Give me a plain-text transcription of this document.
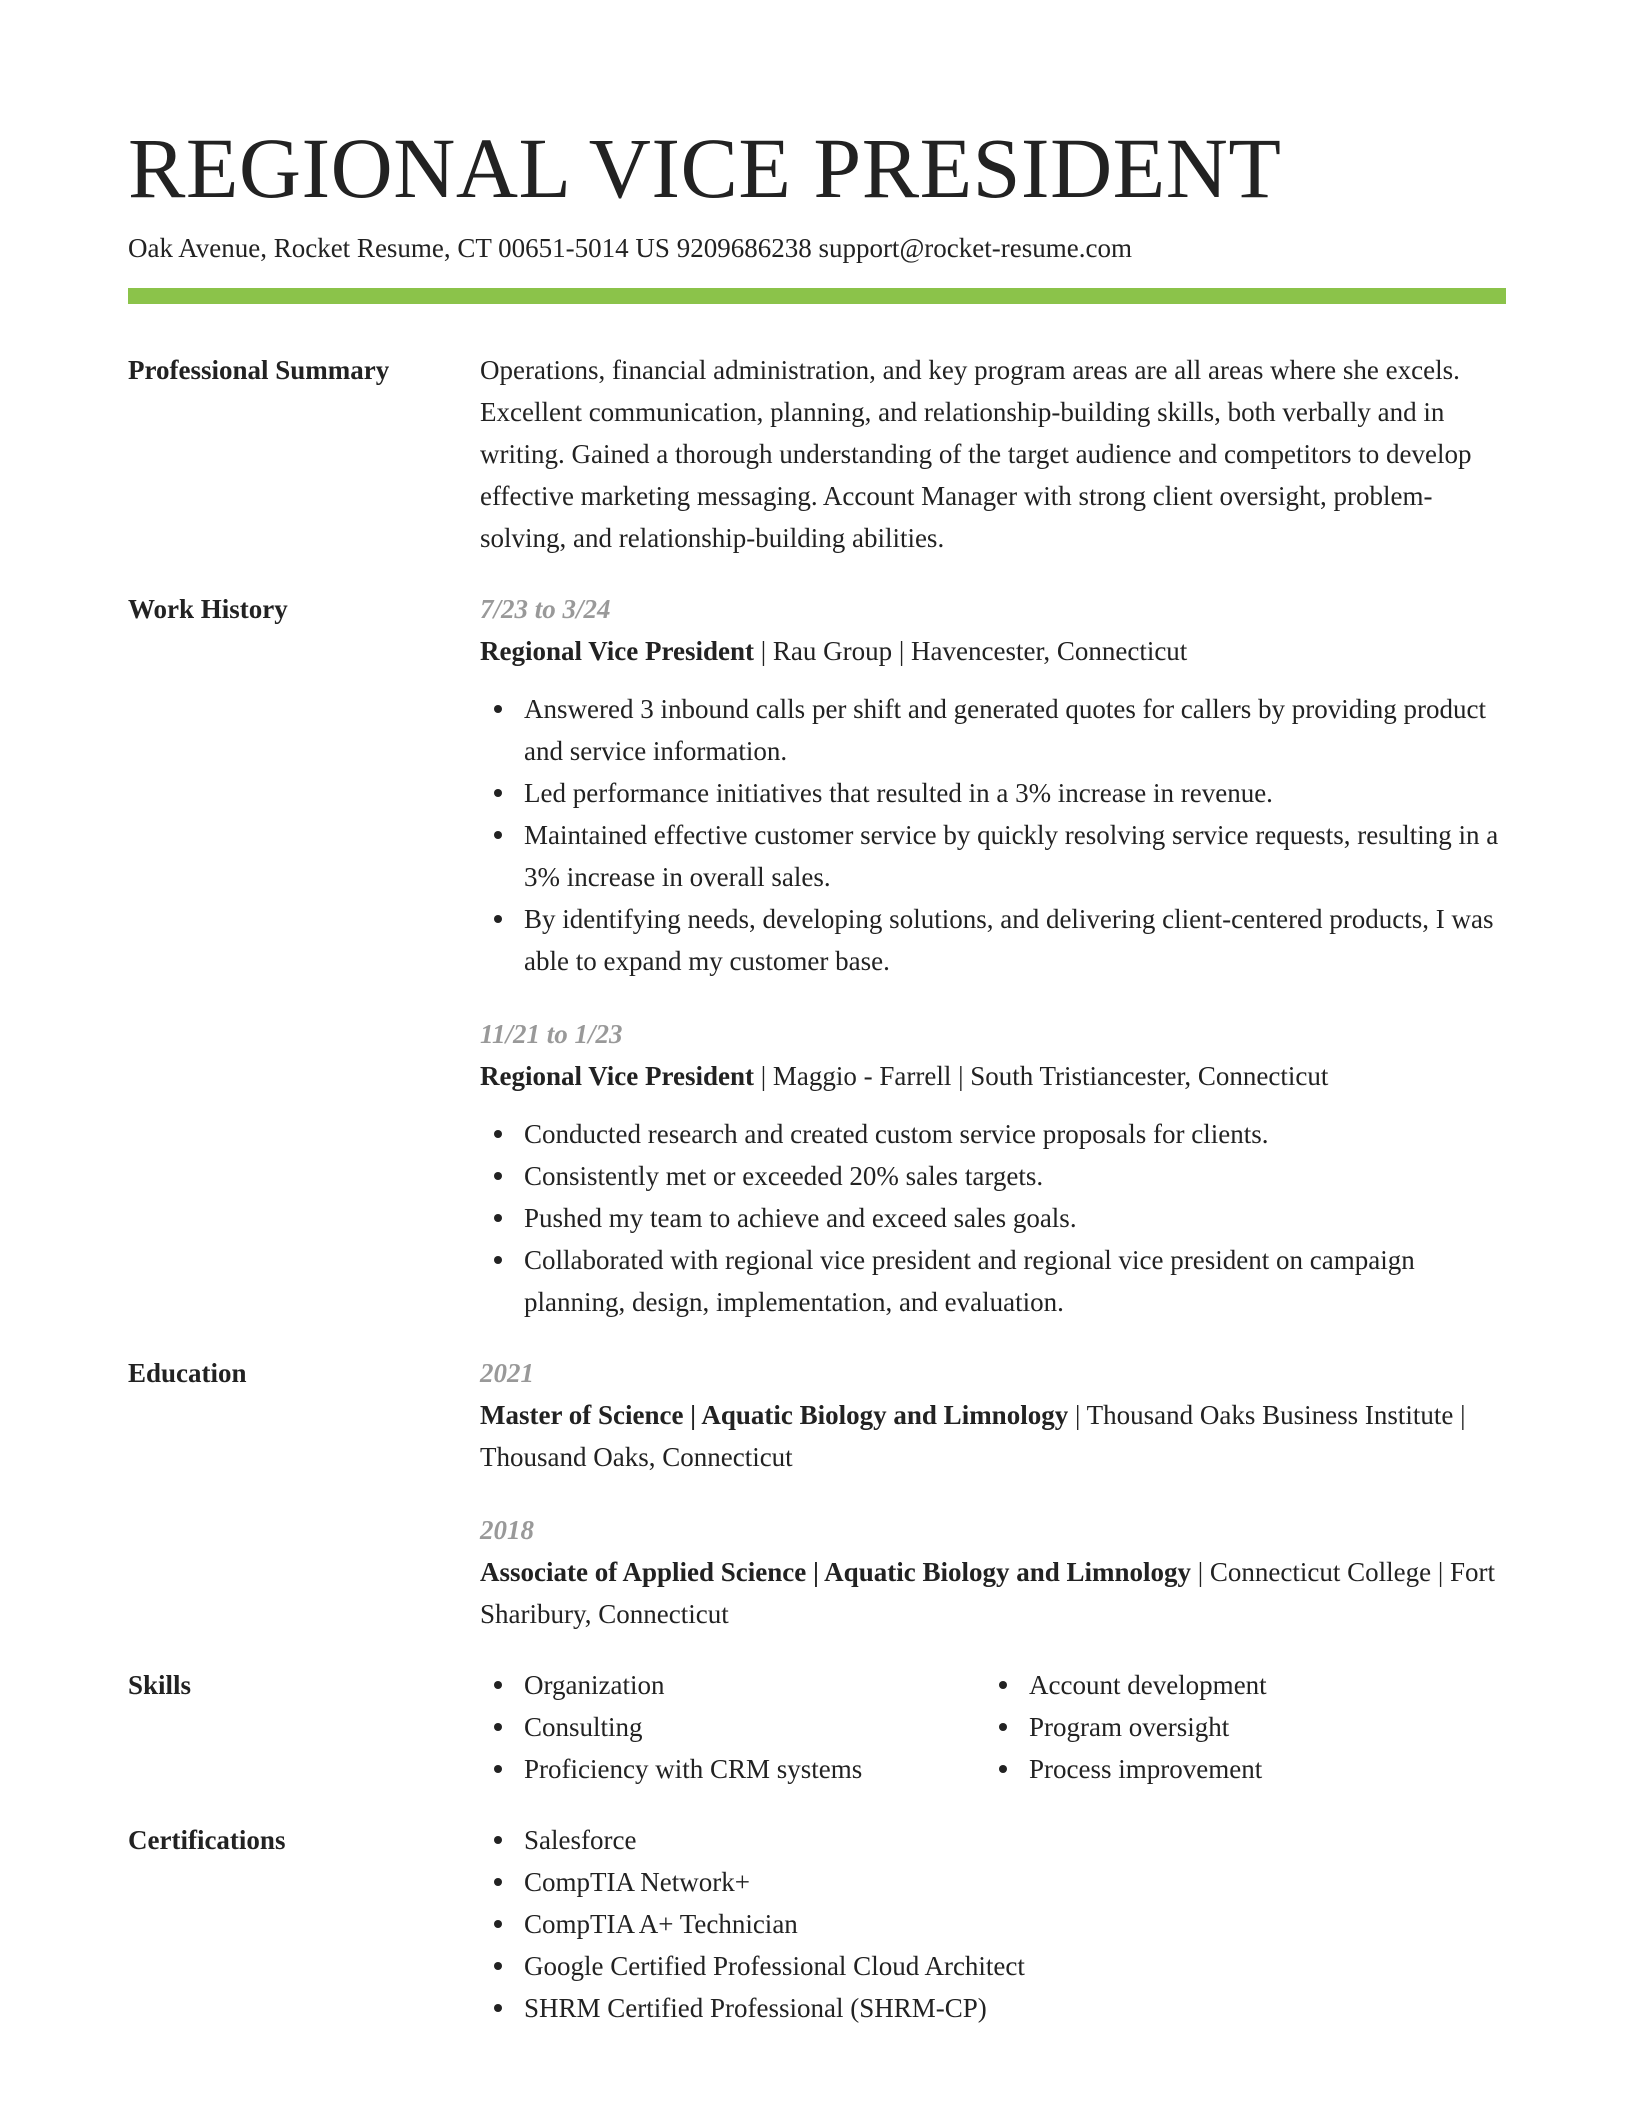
REGIONAL VICE PRESIDENT
Oak Avenue, Rocket Resume, CT 00651-5014 US 9209686238 support@rocket-resume.com
Professional Summary	Operations, financial administration, and key program areas are all areas where she excels. Excellent communication, planning, and relationship-building skills, both verbally and in writing. Gained a thorough understanding of the target audience and competitors to develop effective marketing messaging. Account Manager with strong client oversight, problem-solving, and relationship-building abilities.
Work History	7/23 to 3/24
Regional Vice President | Rau Group | Havencester, Connecticut
Answered 3 inbound calls per shift and generated quotes for callers by providing product and service information.
Led performance initiatives that resulted in a 3% increase in revenue.
Maintained effective customer service by quickly resolving service requests, resulting in a 3% increase in overall sales.
By identifying needs, developing solutions, and delivering client-centered products, I was able to expand my customer base.
11/21 to 1/23
Regional Vice President | Maggio - Farrell | South Tristiancester, Connecticut
Conducted research and created custom service proposals for clients.
Consistently met or exceeded 20% sales targets.
Pushed my team to achieve and exceed sales goals.
Collaborated with regional vice president and regional vice president on campaign planning, design, implementation, and evaluation.
Education	2021
Master of Science | Aquatic Biology and Limnology | Thousand Oaks Business Institute | Thousand Oaks, Connecticut
2018
Associate of Applied Science | Aquatic Biology and Limnology | Connecticut College | Fort Sharibury, Connecticut
Skills	Organization
Consulting
Proficiency with CRM systems
Account development
Program oversight
Process improvement
Certifications	Salesforce
CompTIA Network+
CompTIA A+ Technician
Google Certified Professional Cloud Architect
SHRM Certified Professional (SHRM-CP)
